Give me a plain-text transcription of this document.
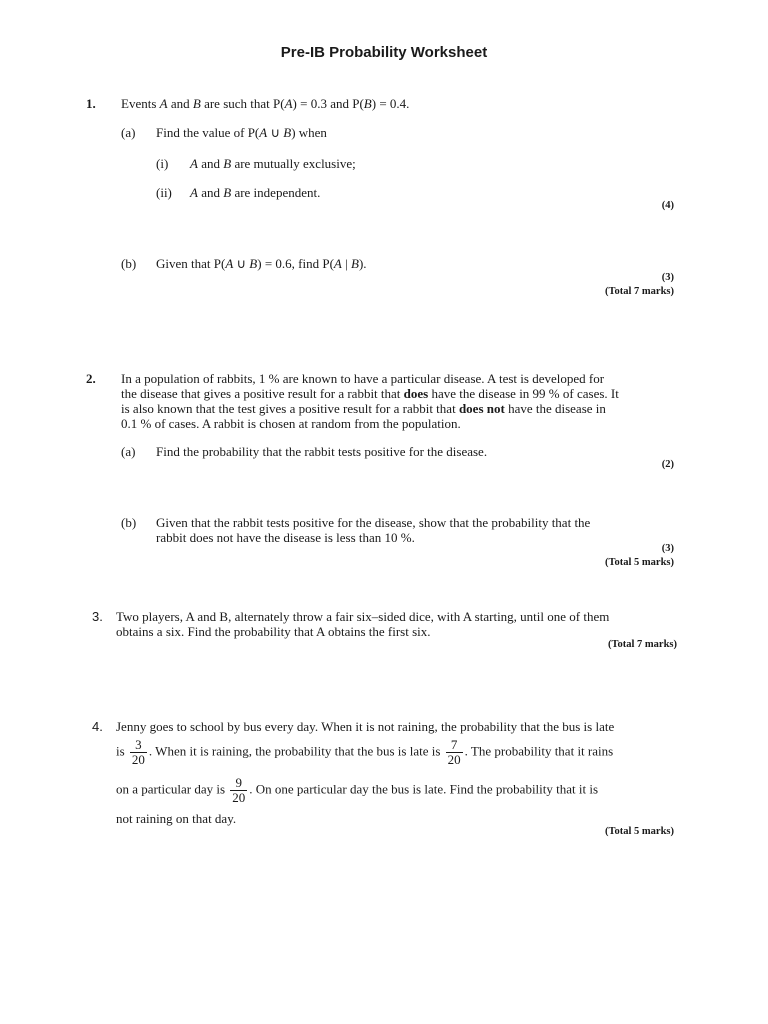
Pre-IB Probability Worksheet
1. Events A and B are such that P(A) = 0.3 and P(B) = 0.4.
(a) Find the value of P(A ∪ B) when
(i) A and B are mutually exclusive;
(ii) A and B are independent.
(4)
(b) Given that P(A ∪ B) = 0.6, find P(A | B).
(3)
(Total 7 marks)
2. In a population of rabbits, 1 % are known to have a particular disease. A test is developed for
the disease that gives a positive result for a rabbit that does have the disease in 99 % of cases. It
is also known that the test gives a positive result for a rabbit that does not have the disease in
0.1 % of cases. A rabbit is chosen at random from the population.
(a) Find the probability that the rabbit tests positive for the disease.
(2)
(b) Given that the rabbit tests positive for the disease, show that the probability that the
rabbit does not have the disease is less than 10 %.
(3)
(Total 5 marks)
3. Two players, A and B, alternately throw a fair six–sided dice, with A starting, until one of them
obtains a six. Find the probability that A obtains the first six.
(Total 7 marks)
4. Jenny goes to school by bus every day. When it is not raining, the probability that the bus is late
is $\frac{3}{20}$ . When it is raining, the probability that the bus is late is $\frac{7}{20}$ . The probability that it rains
on a particular day is $\frac{9}{20}$ . On one particular day the bus is late. Find the probability that it is
not raining on that day.
(Total 5 marks)
